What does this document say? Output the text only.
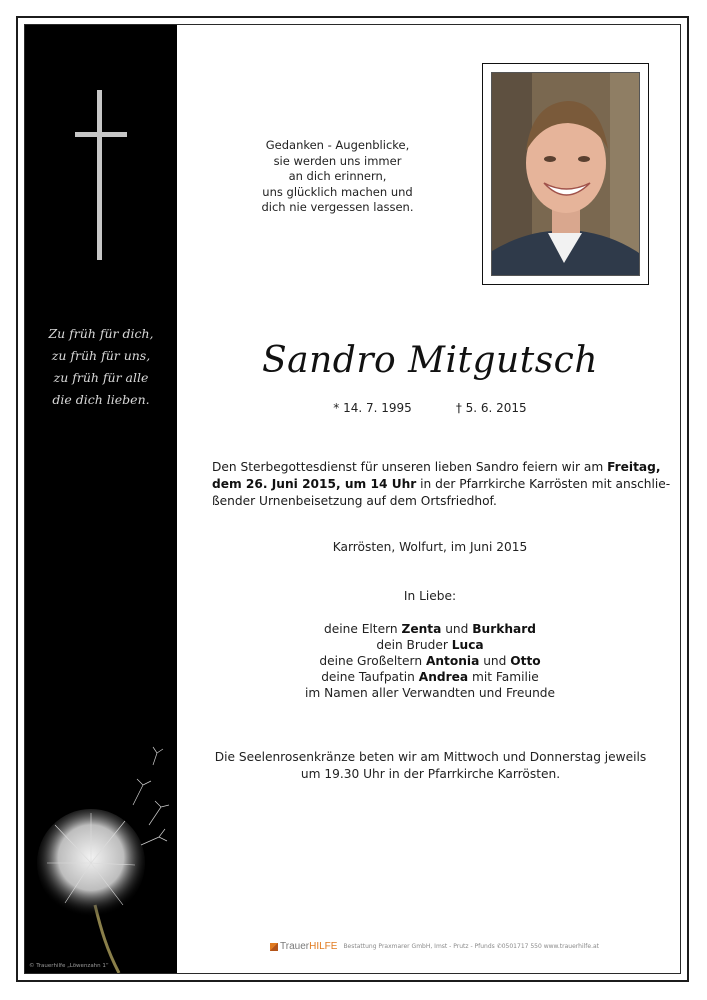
Zu früh für dich,
zu früh für uns,
zu früh für alle
die dich lieben.
© Trauerhilfe „Löwenzahn 1“
Gedanken - Augenblicke,
sie werden uns immer
an dich erinnern,
uns glücklich machen und
dich nie vergessen lassen.
Sandro Mitgutsch
* 14. 7. 1995	† 5. 6. 2015
Den Sterbegottesdienst für unseren lieben Sandro feiern wir am Freitag,
dem 26. Juni 2015, um 14 Uhr in der Pfarrkirche Karrösten mit anschlie-
ßender Urnenbeisetzung auf dem Ortsfriedhof.
Karrösten, Wolfurt, im Juni 2015
In Liebe:
deine Eltern Zenta und Burkhard
dein Bruder Luca
deine Großeltern Antonia und Otto
deine Taufpatin Andrea mit Familie
im Namen aller Verwandten und Freunde
Die Seelenrosenkränze beten wir am Mittwoch und Donnerstag jeweils
um 19.30 Uhr in der Pfarrkirche Karrösten.
TrauerHILFE Bestattung Praxmarer GmbH, Imst - Prutz - Pfunds ✆0501717 550 www.trauerhilfe.at
